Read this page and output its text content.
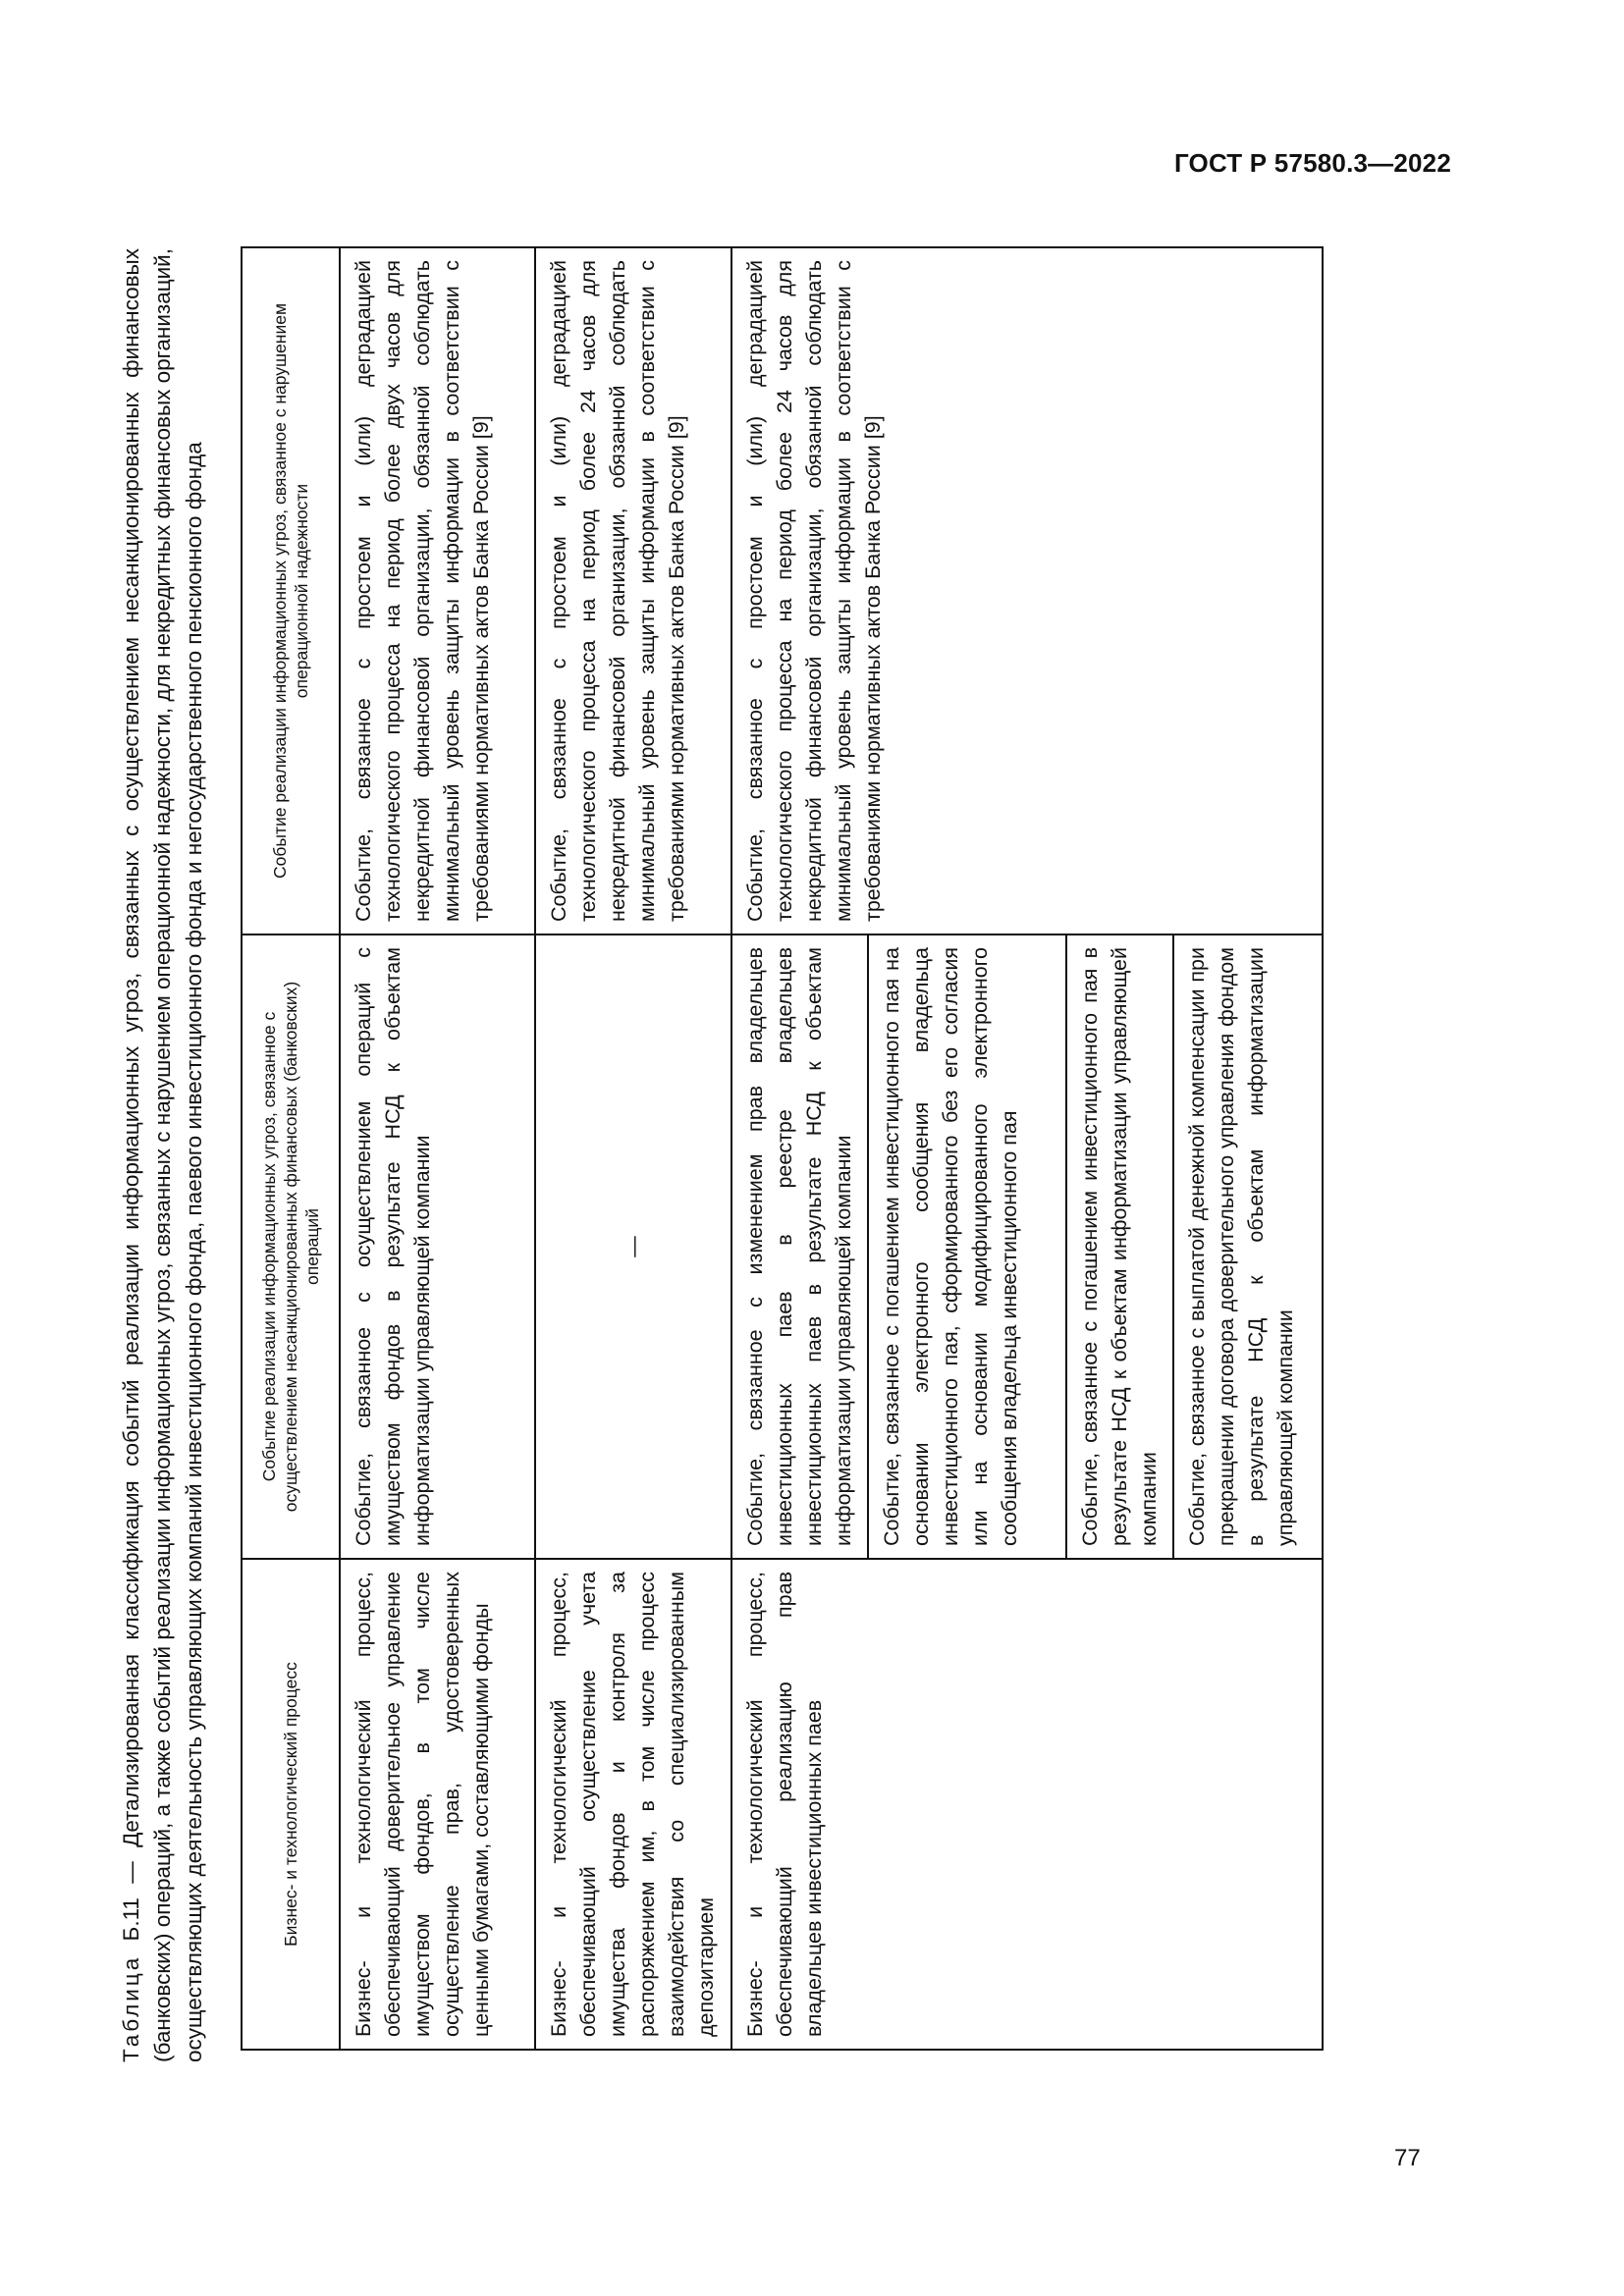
ГОСТ Р 57580.3—2022
Таблица Б.11 — Детализированная классификация событий реализации информационных угроз, связанных с осуществлением несанкционированных финансовых (банковских) операций, а также событий реализации информационных угроз, связанных с нарушением операционной надежности, для некредитных финансовых организаций, осуществляющих деятельность управляющих компаний инвестиционного фонда, паевого инвестиционного фонда и негосударственного пенсионного фонда	Бизнес- и технологический процесс	Событие реализации информационных угроз, связанное с осуществлением несанкционированных финансовых (банковских) операций	Событие реализации информационных угроз, связанное с нарушением операционной надежности
Бизнес- и технологический процесс, обеспечивающий доверительное управление имуществом фондов, в том числе осуществление прав, удостоверенных ценными бумагами, составляющими фонды	Событие, связанное с осуществлением операций с имуществом фондов в результате НСД к объектам информатизации управляющей компании	Событие, связанное с простоем и (или) деградацией технологического процесса на период более двух часов для некредитной финансовой организации, обязанной соблюдать минимальный уровень защиты информации в соответствии с требованиями нормативных актов Банка России [9]
Бизнес- и технологический процесс, обеспечивающий осуществление учета имущества фондов и контроля за распоряжением им, в том числе процесс взаимодействия со специализированным депозитарием	—	Событие, связанное с простоем и (или) деградацией технологического процесса на период более 24 часов для некредитной финансовой организации, обязанной соблюдать минимальный уровень защиты информации в соответствии с требованиями нормативных актов Банка России [9]
Бизнес- и технологический процесс, обеспечивающий реализацию прав владельцев инвестиционных паев	Событие, связанное с изменением прав владельцев инвестиционных паев в реестре владельцев инвестиционных паев в результате НСД к объектам информатизации управляющей компании	Событие, связанное с простоем и (или) деградацией технологического процесса на период более 24 часов для некредитной финансовой организации, обязанной соблюдать минимальный уровень защиты информации в соответствии с требованиями нормативных актов Банка России [9]
	Событие, связанное с погашением инвестиционного пая на основании электронного сообщения владельца инвестиционного пая, сформированного без его согласия или на основании модифицированного электронного сообщения владельца инвестиционного пая	
	Событие, связанное с погашением инвестиционного пая в результате НСД к объектам информатизации управляющей компании	
	Событие, связанное с выплатой денежной компенсации при прекращении договора доверительного управления фондом в результате НСД к объектам информатизации управляющей компании	
77
